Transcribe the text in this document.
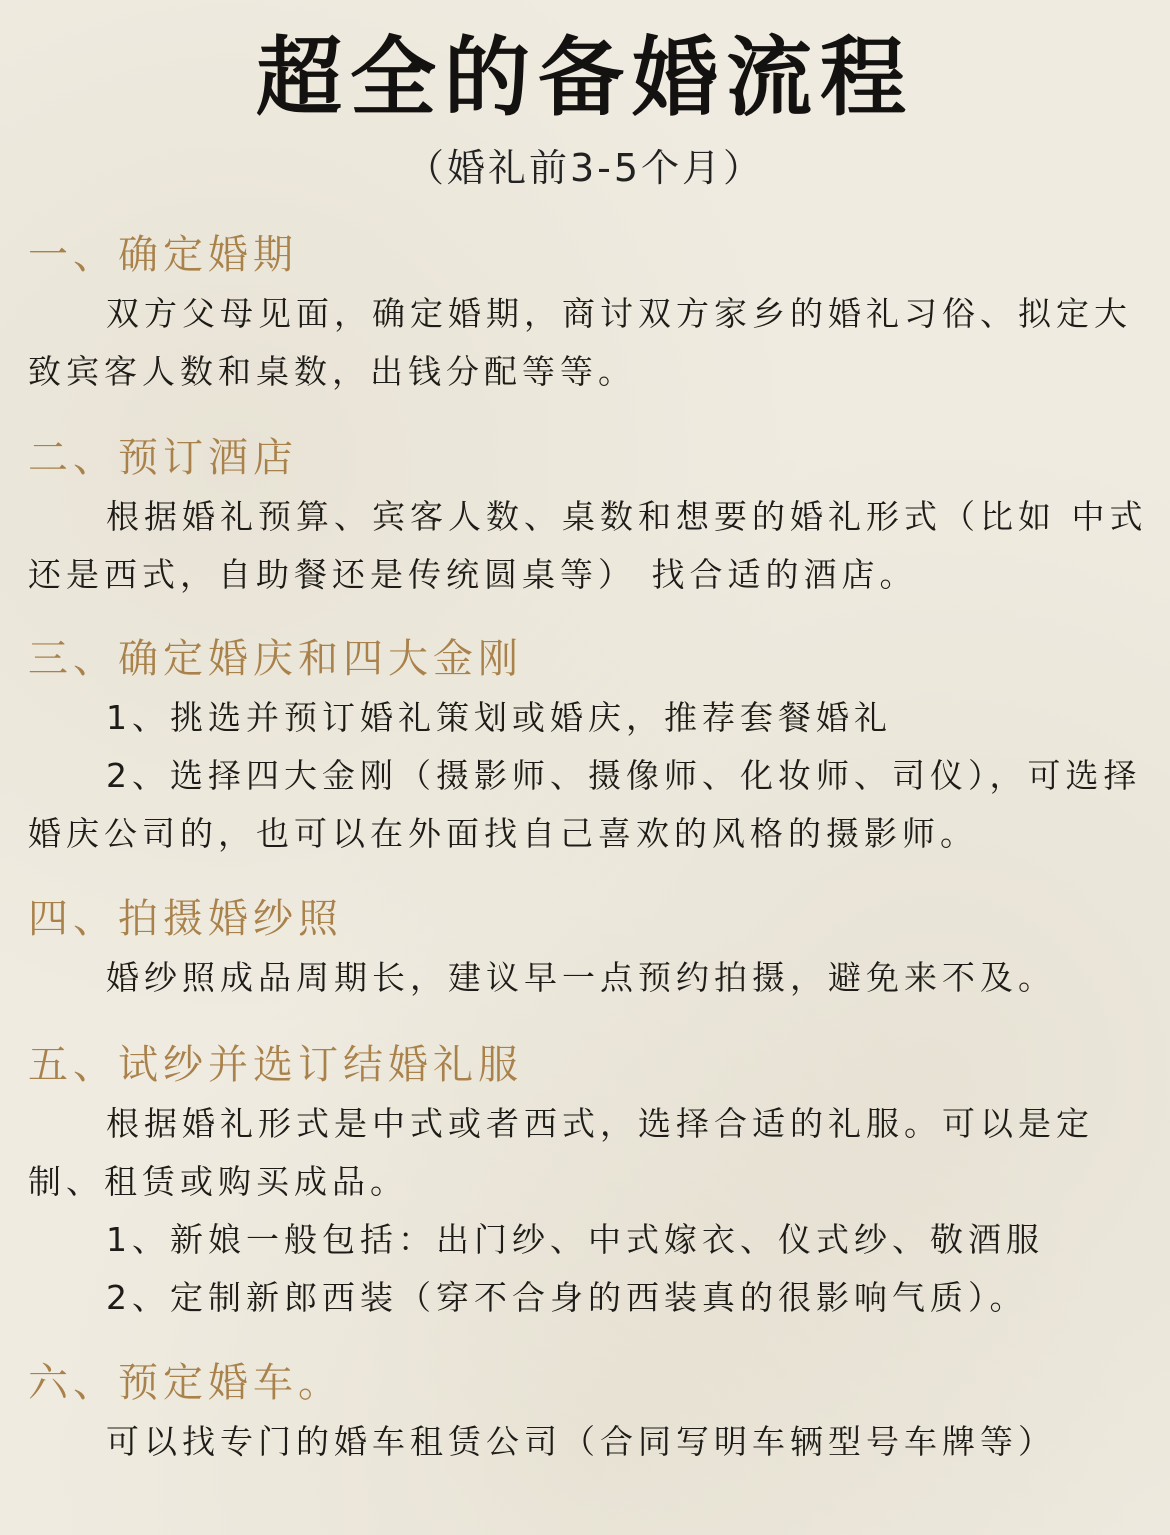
超全的备婚流程
（婚礼前3-5个月）
一、确定婚期
双方父母见面，确定婚期，商讨双方家乡的婚礼习俗、拟定大致宾客人数和桌数，出钱分配等等。
二、预订酒店
根据婚礼预算、宾客人数、桌数和想要的婚礼形式（比如 中式还是西式，自助餐还是传统圆桌等） 找合适的酒店。
三、确定婚庆和四大金刚
1、挑选并预订婚礼策划或婚庆，推荐套餐婚礼
2、选择四大金刚（摄影师、摄像师、化妆师、司仪），可选择婚庆公司的，也可以在外面找自己喜欢的风格的摄影师。
四、拍摄婚纱照
婚纱照成品周期长，建议早一点预约拍摄，避免来不及。
五、试纱并选订结婚礼服
根据婚礼形式是中式或者西式，选择合适的礼服。可以是定制、租赁或购买成品。
1、新娘一般包括：出门纱、中式嫁衣、仪式纱、敬酒服
2、定制新郎西装（穿不合身的西装真的很影响气质）。
六、预定婚车。
可以找专门的婚车租赁公司（合同写明车辆型号车牌等）
